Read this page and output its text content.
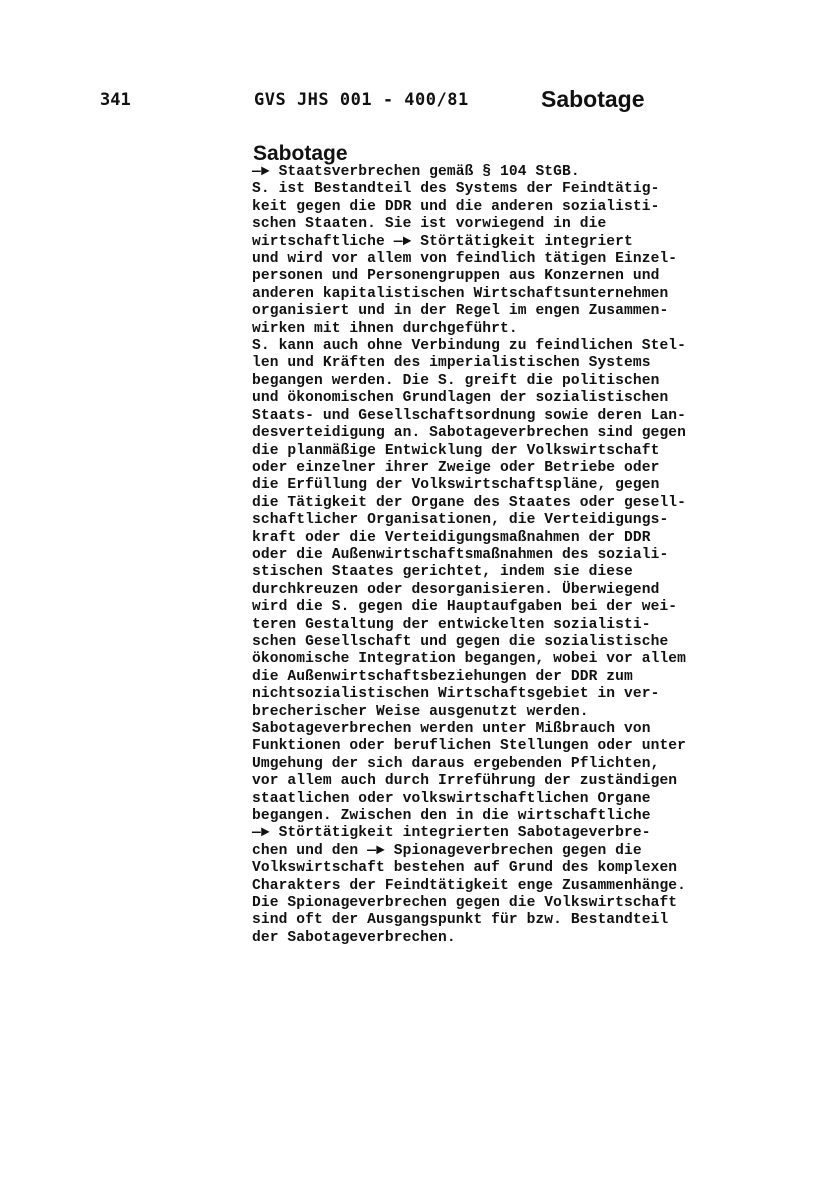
341	GVS JHS 001 - 400/81	Sabotage
Sabotage
—► Staatsverbrechen gemäß § 104 StGB.
S. ist Bestandteil des Systems der Feindtätig-
keit gegen die DDR und die anderen sozialisti-
schen Staaten. Sie ist vorwiegend in die
wirtschaftliche —► Störtätigkeit integriert
und wird vor allem von feindlich tätigen Einzel-
personen und Personengruppen aus Konzernen und
anderen kapitalistischen Wirtschaftsunternehmen
organisiert und in der Regel im engen Zusammen-
wirken mit ihnen durchgeführt.
S. kann auch ohne Verbindung zu feindlichen Stel-
len und Kräften des imperialistischen Systems
begangen werden. Die S. greift die politischen
und ökonomischen Grundlagen der sozialistischen
Staats- und Gesellschaftsordnung sowie deren Lan-
desverteidigung an. Sabotageverbrechen sind gegen
die planmäßige Entwicklung der Volkswirtschaft
oder einzelner ihrer Zweige oder Betriebe oder
die Erfüllung der Volkswirtschaftspläne, gegen
die Tätigkeit der Organe des Staates oder gesell-
schaftlicher Organisationen, die Verteidigungs-
kraft oder die Verteidigungsmaßnahmen der DDR
oder die Außenwirtschaftsmaßnahmen des soziali-
stischen Staates gerichtet, indem sie diese
durchkreuzen oder desorganisieren. Überwiegend
wird die S. gegen die Hauptaufgaben bei der wei-
teren Gestaltung der entwickelten sozialisti-
schen Gesellschaft und gegen die sozialistische
ökonomische Integration begangen, wobei vor allem
die Außenwirtschaftsbeziehungen der DDR zum
nichtsozialistischen Wirtschaftsgebiet in ver-
brecherischer Weise ausgenutzt werden.
Sabotageverbrechen werden unter Mißbrauch von
Funktionen oder beruflichen Stellungen oder unter
Umgehung der sich daraus ergebenden Pflichten,
vor allem auch durch Irreführung der zuständigen
staatlichen oder volkswirtschaftlichen Organe
begangen. Zwischen den in die wirtschaftliche
—► Störtätigkeit integrierten Sabotageverbre-
chen und den —► Spionageverbrechen gegen die
Volkswirtschaft bestehen auf Grund des komplexen
Charakters der Feindtätigkeit enge Zusammenhänge.
Die Spionageverbrechen gegen die Volkswirtschaft
sind oft der Ausgangspunkt für bzw. Bestandteil
der Sabotageverbrechen.
